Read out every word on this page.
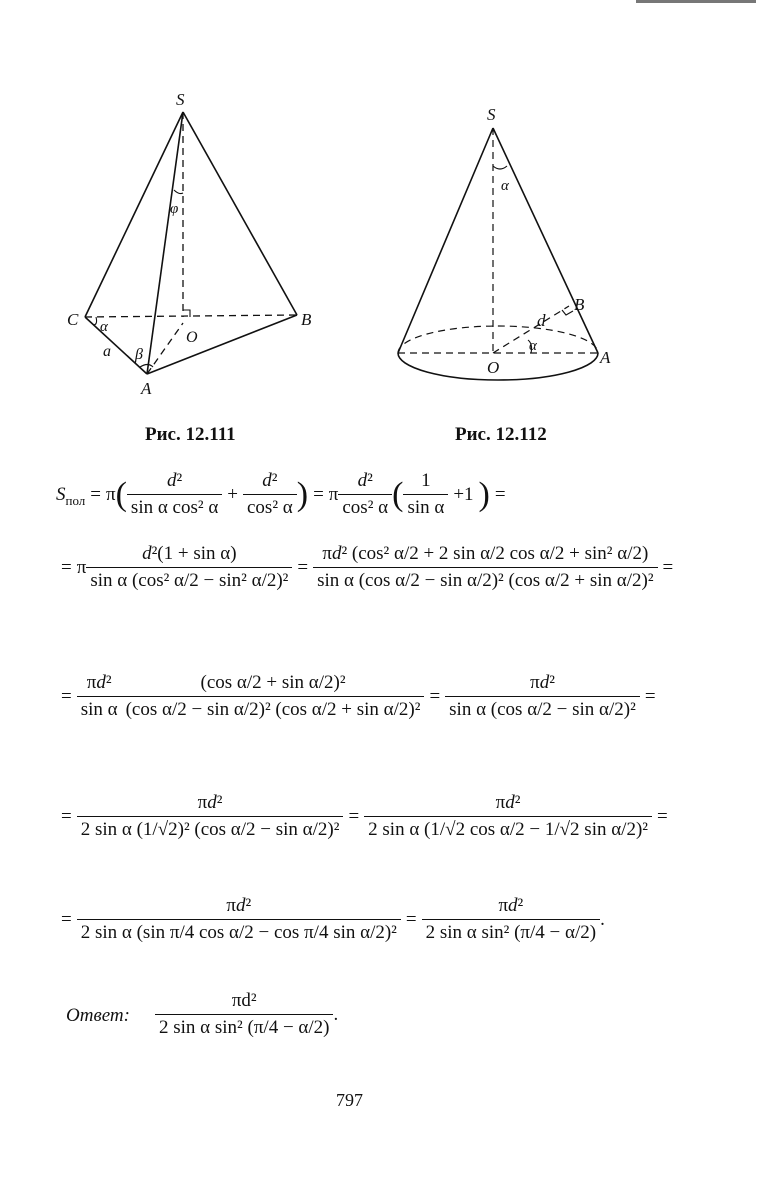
S
C	B
A
O
a
α
β
φ
Рис. 12.111
S
B
A
O
d
α
α
Рис. 12.112
S пол = π ( $\frac{\text{d²}}{\text{sin α cos² α}} + \frac{\text{d²}}{\text{cos² α}}$ ) = π $\frac{\text{d²}}{\text{cos² α}}$ ( $\frac{1}{\text{sin α}} +1$ ) =
= π $\frac{\text{d²(1 + sin α)}}{\text{sin α (cos² α/2 − sin² α/2)²}} = \frac{\text{πd² (cos² α/2 + 2 sin α/2 cos α/2 + sin² α/2)}}{\text{sin α (cos α/2 − sin α/2)² (cos α/2 + sin α/2)²}}$ =
= $\frac{\text{πd²}}{\text{sin α}} \frac{\text{(cos α/2 + sin α/2)²}}{\text{(cos α/2 − sin α/2)² (cos α/2 + sin α/2)²}} = \frac{\text{πd²}}{\text{sin α (cos α/2 − sin α/2)²}}$ =
= $\frac{\text{πd²}}{\text{2 sin α (1/√2)² (cos α/2 − sin α/2)²}} = \frac{\text{πd²}}{\text{2 sin α (1/√2 cos α/2 − 1/√2 sin α/2)²}}$ =
= $\frac{\text{πd²}}{\text{2 sin α (sin π/4 cos α/2 − cos π/4 sin α/2)²}} = \frac{\text{πd²}}{\text{2 sin α sin² (π/4 − α/2)}}$ .
Ответ: $\frac{\text{πd²}}{\text{2 sin α sin² (π/4 − α/2)}}$ .
797
